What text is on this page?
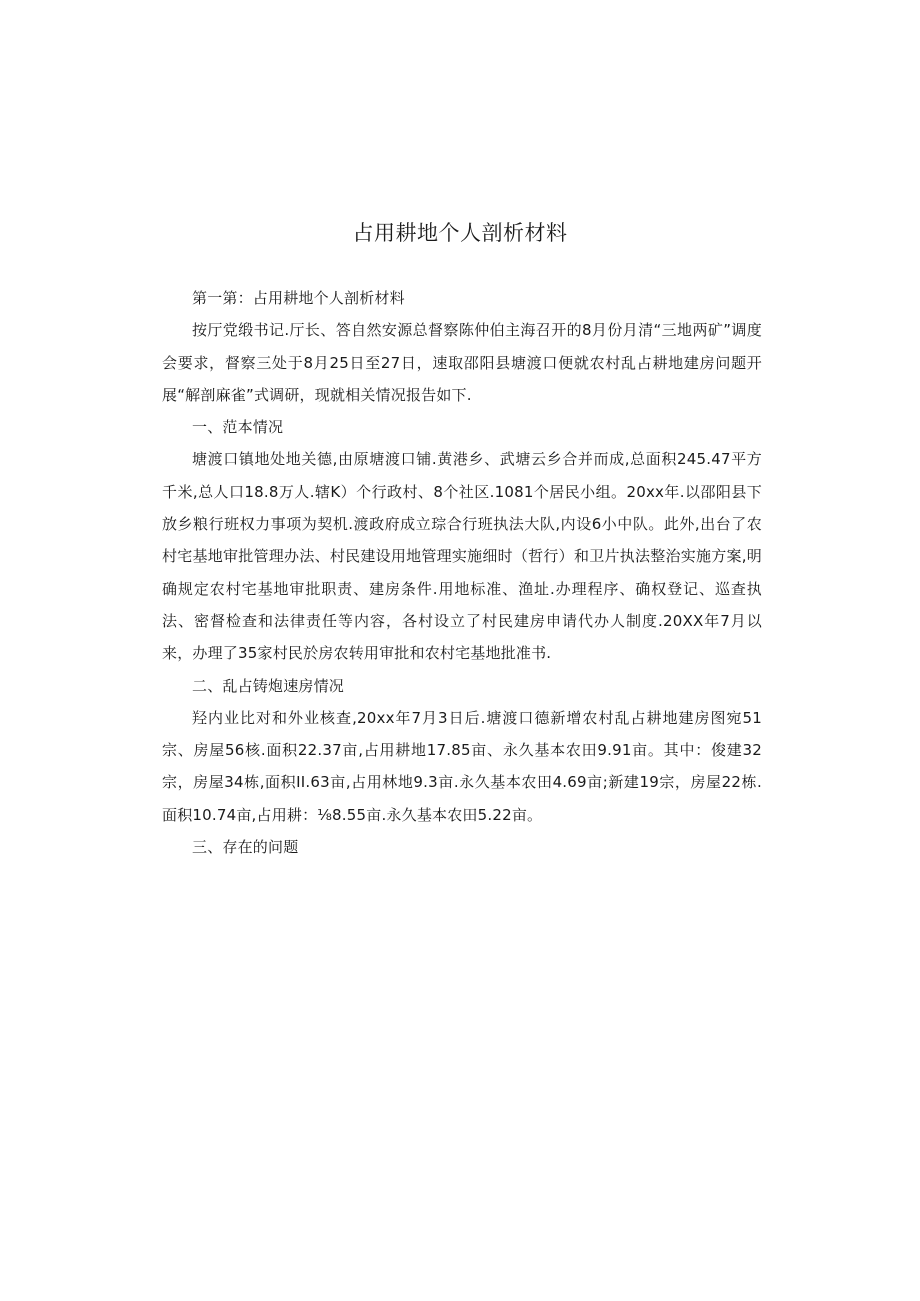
占用耕地个人剖析材料

第一第：占用耕地个人剖析材料

按厅党缎书记.厅长、答自然安源总督察陈仲伯主海召开的8月份月清“三地两矿”调度会要求，督察三处于8月25日至27日，速取邵阳县塘渡口便就农村乱占耕地建房问题开展“解剖麻雀”式调研，现就相关情况报告如下.

一、范本情况

塘渡口镇地处地关德,由原塘渡口铺.黄港乡、武塘云乡合并而成,总面积245.47平方千米,总人口18.8万人.辖K）个行政村、8个社区.1081个居民小组。20xx年.以邵阳县下放乡粮行班权力事项为契机.渡政府成立琮合行班执法大队,内设6小中队。此外,出台了农村宅基地审批管理办法、村民建设用地管理实施细时（哲行）和卫片执法整治实施方案,明确规定农村宅基地审批职责、建房条件.用地标准、渔址.办理程序、确权登记、巡查执法、密督检查和法律责任等内容，各村设立了村民建房申请代办人制度.20XX年7月以来，办理了35家村民於房农转用审批和农村宅基地批准书.

二、乱占铸炮速房情况

羟内业比对和外业核查,20xx年7月3日后.塘渡口德新增农村乱占耕地建房图宛51宗、房屋56核.面积22.37亩,占用耕地17.85亩、永久基本农田9.91亩。其中：俊建32宗，房屋34栋,面积II.63亩,占用林地9.3亩.永久基本农田4.69亩;新建19宗，房屋22栋.面积10.74亩,占用耕：⅛8.55亩.永久基本农田5.22亩。

三、存在的问题
